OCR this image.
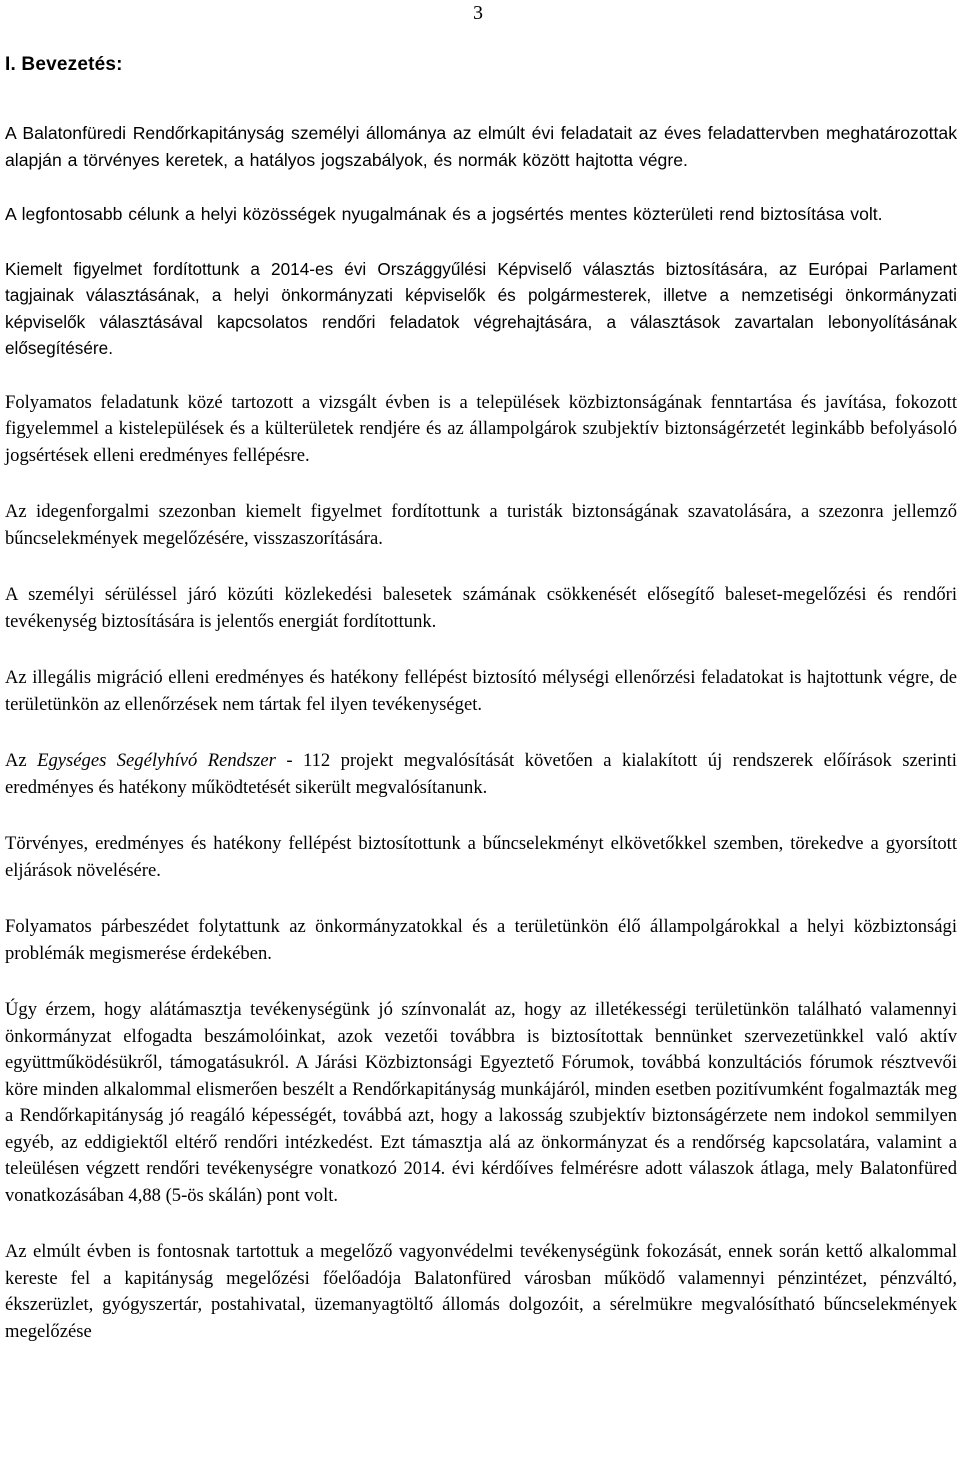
3
I. Bevezetés:

A Balatonfüredi Rendőrkapitányság személyi állománya az elmúlt évi feladatait az éves feladattervben meghatározottak alapján a törvényes keretek, a hatályos jogszabályok, és normák között hajtotta végre.

A legfontosabb célunk a helyi közösségek nyugalmának és a jogsértés mentes közterületi rend biztosítása volt.

Kiemelt figyelmet fordítottunk a 2014-es évi Országgyűlési Képviselő választás biztosítására, az Európai Parlament tagjainak választásának, a helyi önkormányzati képviselők és polgármesterek, illetve a nemzetiségi önkormányzati képviselők választásával kapcsolatos rendőri feladatok végrehajtására, a választások zavartalan lebonyolításának elősegítésére.

Folyamatos feladatunk közé tartozott a vizsgált évben is a települések közbiztonságának fenntartása és javítása, fokozott figyelemmel a kistelepülések és a külterületek rendjére és az állampolgárok szubjektív biztonságérzetét leginkább befolyásoló jogsértések elleni eredményes fellépésre.

Az idegenforgalmi szezonban kiemelt figyelmet fordítottunk a turisták biztonságának szavatolására, a szezonra jellemző bűncselekmények megelőzésére, visszaszorítására.

A személyi sérüléssel járó közúti közlekedési balesetek számának csökkenését elősegítő baleset-megelőzési és rendőri tevékenység biztosítására is jelentős energiát fordítottunk.

Az illegális migráció elleni eredményes és hatékony fellépést biztosító mélységi ellenőrzési feladatokat is hajtottunk végre, de területünkön az ellenőrzések nem tártak fel ilyen tevékenységet.

Az Egységes Segélyhívó Rendszer - 112 projekt megvalósítását követően a kialakított új rendszerek előírások szerinti eredményes és hatékony működtetését sikerült megvalósítanunk.

Törvényes, eredményes és hatékony fellépést biztosítottunk a bűncselekményt elkövetőkkel szemben, törekedve a gyorsított eljárások növelésére.

Folyamatos párbeszédet folytattunk az önkormányzatokkal és a területünkön élő állampolgárokkal a helyi közbiztonsági problémák megismerése érdekében.

Úgy érzem, hogy alátámasztja tevékenységünk jó színvonalát az, hogy az illetékességi területünkön található valamennyi önkormányzat elfogadta beszámolóinkat, azok vezetői továbbra is biztosítottak bennünket szervezetünkkel való aktív együttműködésükről, támogatásukról. A Járási Közbiztonsági Egyeztető Fórumok, továbbá konzultációs fórumok résztvevői köre minden alkalommal elismerően beszélt a Rendőrkapitányság munkájáról, minden esetben pozitívumként fogalmazták meg a Rendőrkapitányság jó reagáló képességét, továbbá azt, hogy a lakosság szubjektív biztonságérzete nem indokol semmilyen egyéb, az eddigiektől eltérő rendőri intézkedést. Ezt támasztja alá az önkormányzat és a rendőrség kapcsolatára, valamint a teleülésen végzett rendőri tevékenységre vonatkozó 2014. évi kérdőíves felmérésre adott válaszok átlaga, mely Balatonfüred vonatkozásában 4,88 (5-ös skálán) pont volt.

Az elmúlt évben is fontosnak tartottuk a megelőző vagyonvédelmi tevékenységünk fokozását, ennek során kettő alkalommal kereste fel a kapitányság megelőzési főelőadója Balatonfüred városban működő valamennyi pénzintézet, pénzváltó, ékszerüzlet, gyógyszertár, postahivatal, üzemanyagtöltő állomás dolgozóit, a sérelmükre megvalósítható bűncselekmények megelőzése
